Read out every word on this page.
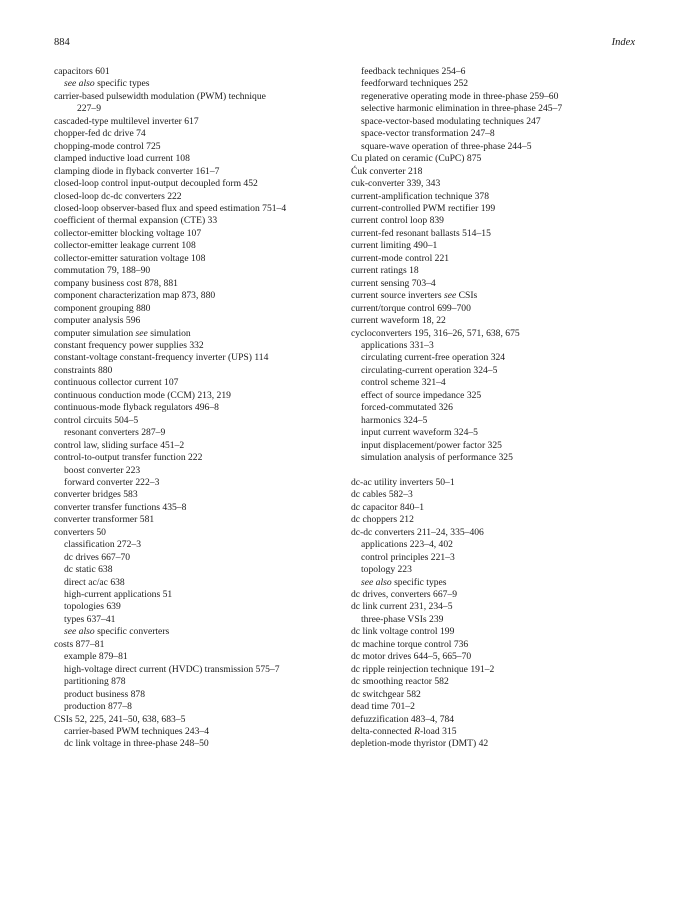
884	Index
capacitors 601
see also specific types
carrier-based pulsewidth modulation (PWM) technique
227–9
cascaded-type multilevel inverter 617
chopper-fed dc drive 74
chopping-mode control 725
clamped inductive load current 108
clamping diode in flyback converter 161–7
closed-loop control input-output decoupled form 452
closed-loop dc-dc converters 222
closed-loop observer-based flux and speed estimation 751–4
coefficient of thermal expansion (CTE) 33
collector-emitter blocking voltage 107
collector-emitter leakage current 108
collector-emitter saturation voltage 108
commutation 79, 188–90
company business cost 878, 881
component characterization map 873, 880
component grouping 880
computer analysis 596
computer simulation see simulation
constant frequency power supplies 332
constant-voltage constant-frequency inverter (UPS) 114
constraints 880
continuous collector current 107
continuous conduction mode (CCM) 213, 219
continuous-mode flyback regulators 496–8
control circuits 504–5
resonant converters 287–9
control law, sliding surface 451–2
control-to-output transfer function 222
boost converter 223
forward converter 222–3
converter bridges 583
converter transfer functions 435–8
converter transformer 581
converters 50
classification 272–3
dc drives 667–70
dc static 638
direct ac/ac 638
high-current applications 51
topologies 639
types 637–41
see also specific converters
costs 877–81
example 879–81
high-voltage direct current (HVDC) transmission 575–7
partitioning 878
product business 878
production 877–8
CSIs 52, 225, 241–50, 638, 683–5
carrier-based PWM techniques 243–4
dc link voltage in three-phase 248–50
feedback techniques 254–6
feedforward techniques 252
regenerative operating mode in three-phase 259–60
selective harmonic elimination in three-phase 245–7
space-vector-based modulating techniques 247
space-vector transformation 247–8
square-wave operation of three-phase 244–5
Cu plated on ceramic (CuPC) 875
Ćuk converter 218
cuk-converter 339, 343
current-amplification technique 378
current-controlled PWM rectifier 199
current control loop 839
current-fed resonant ballasts 514–15
current limiting 490–1
current-mode control 221
current ratings 18
current sensing 703–4
current source inverters see CSIs
current/torque control 699–700
current waveform 18, 22
cycloconverters 195, 316–26, 571, 638, 675
applications 331–3
circulating current-free operation 324
circulating-current operation 324–5
control scheme 321–4
effect of source impedance 325
forced-commutated 326
harmonics 324–5
input current waveform 324–5
input displacement/power factor 325
simulation analysis of performance 325
dc-ac utility inverters 50–1
dc cables 582–3
dc capacitor 840–1
dc choppers 212
dc-dc converters 211–24, 335–406
applications 223–4, 402
control principles 221–3
topology 223
see also specific types
dc drives, converters 667–9
dc link current 231, 234–5
three-phase VSIs 239
dc link voltage control 199
dc machine torque control 736
dc motor drives 644–5, 665–70
dc ripple reinjection technique 191–2
dc smoothing reactor 582
dc switchgear 582
dead time 701–2
defuzzification 483–4, 784
delta-connected R-load 315
depletion-mode thyristor (DMT) 42
